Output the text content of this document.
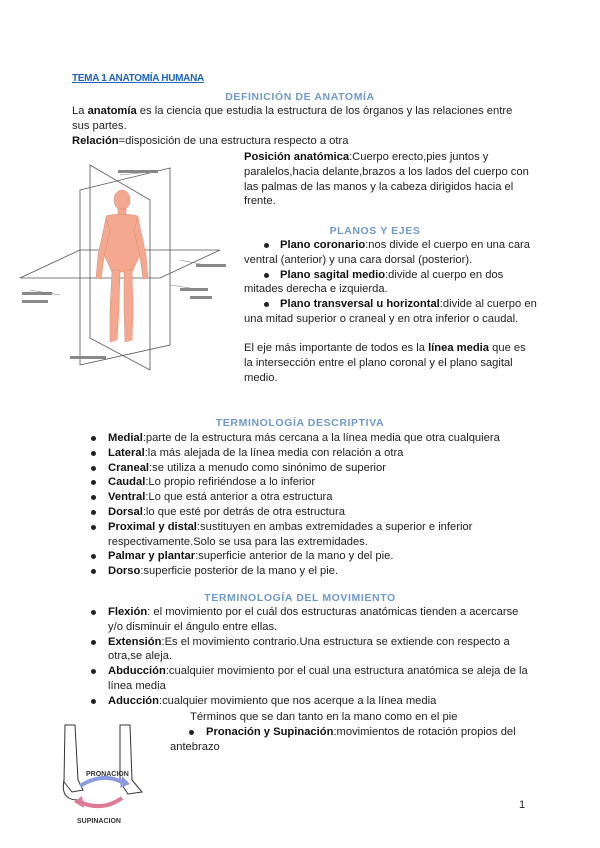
TEMA 1 ANATOMÍA HUMANA
DEFINICIÓN DE ANATOMÍA
La anatomía es la ciencia que estudia la estructura de los órganos y las relaciones entre sus partes.
Relación=disposición de una estructura respecto a otra
Posición anatómica:Cuerpo erecto,pies juntos y paralelos,hacia delante,brazos a los lados del cuerpo con las palmas de las manos y la cabeza dirigidos hacia el frente.
PLANOS Y EJES
Plano coronario:nos divide el cuerpo en una cara ventral (anterior) y una cara dorsal (posterior).
Plano sagital medio:divide al cuerpo en dos mitades derecha e izquierda.
Plano transversal u horizontal:divide al cuerpo en una mitad superior o craneal y en otra inferior o caudal.
El eje más importante de todos es la línea media que es la intersección entre el plano coronal y el plano sagital medio.
TERMINOLOGÍA DESCRIPTIVA
Medial:parte de la estructura más cercana a la línea media que otra cualquiera
Lateral:la más alejada de la línea media con relación a otra
Craneal:se utiliza a menudo como sinónimo de superior
Caudal:Lo propio refiriéndose a lo inferior
Ventral:Lo que está anterior a otra estructura
Dorsal:lo que esté por detrás de otra estructura
Proximal y distal:sustituyen en ambas extremidades a superior e inferior respectivamente.Solo se usa para las extremidades.
Palmar y plantar:superficie anterior de la mano y del pie.
Dorso:superficie posterior de la mano y el pie.
TERMINOLOGÍA DEL MOVIMIENTO
Flexión: el movimiento por el cuál dos estructuras anatómicas tienden a acercarse y/o disminuir el ángulo entre ellas.
Extensión:Es el movimiento contrario.Una estructura se extiende con respecto a otra,se aleja.
Abducción:cualquier movimiento por el cual una estructura anatómica se aleja de la línea media
Aducción:cualquier movimiento que nos acerque a la línea media
Términos que se dan tanto en la mano como en el pie
Pronación y Supinación:movimientos de rotación propios del antebrazo
PRONACION
SUPINACION
1
